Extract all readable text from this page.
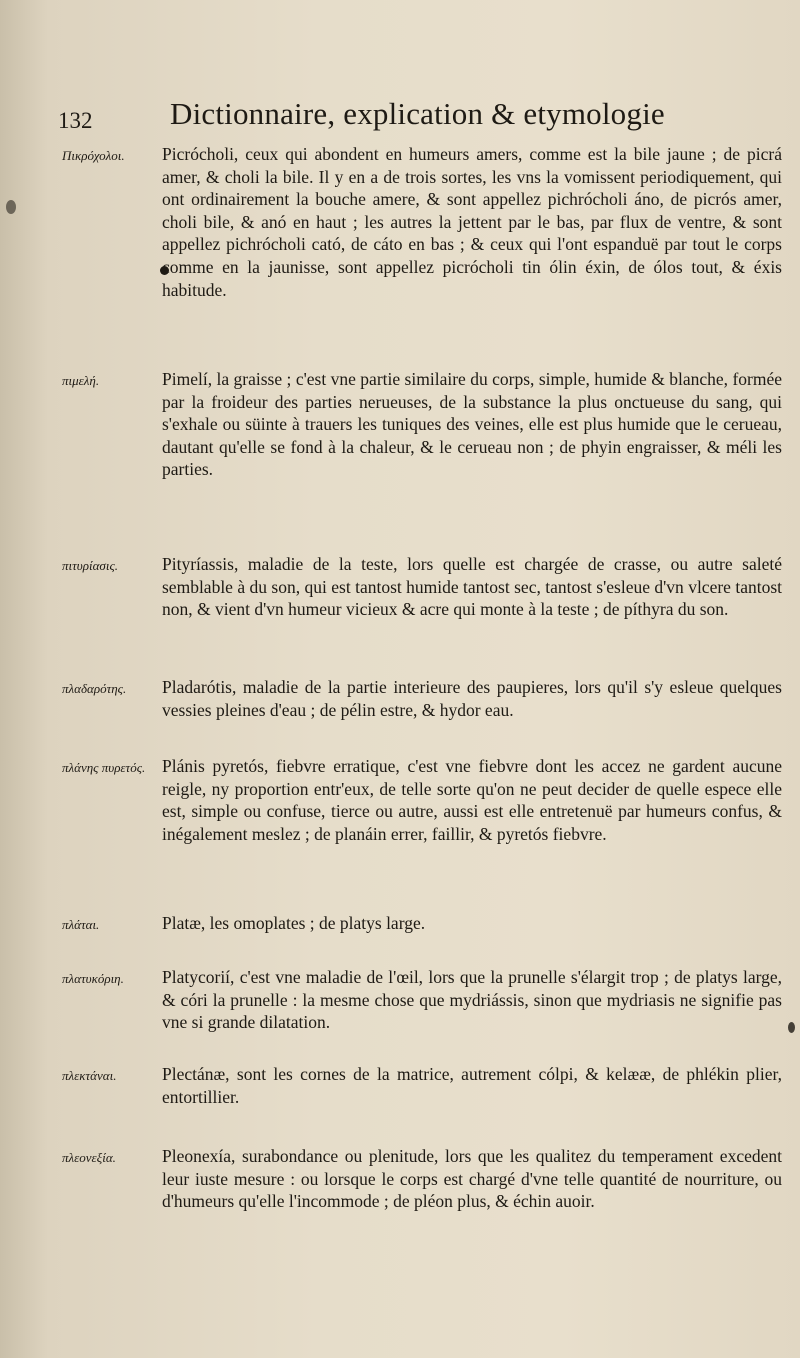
132	Dictionnaire, explication & etymologie
Πικρόχολοι.	Picrócholi, ceux qui abondent en humeurs amers, comme est la bile jaune ; de picrá amer, & choli la bile. Il y en a de trois sortes, les vns la vomissent periodiquement, qui ont ordinairement la bouche amere, & sont appellez pichrócholi áno, de picrós amer, choli bile, & anó en haut ; les autres la jettent par le bas, par flux de ventre, & sont appellez pichrócholi cató, de cáto en bas ; & ceux qui l'ont espanduë par tout le corps comme en la jaunisse, sont appellez picrócholi tin ólin éxin, de ólos tout, & éxis habitude.
πιμελή.	Pimelí, la graisse ; c'est vne partie similaire du corps, simple, humide & blanche, formée par la froideur des parties nerueuses, de la substance la plus onctueuse du sang, qui s'exhale ou süinte à trauers les tuniques des veines, elle est plus humide que le cerueau, dautant qu'elle se fond à la chaleur, & le cerueau non ; de phyin engraisser, & méli les parties.
πιτυρίασις.	Pityríassis, maladie de la teste, lors quelle est chargée de crasse, ou autre saleté semblable à du son, qui est tantost humide tantost sec, tantost s'esleue d'vn vlcere tantost non, & vient d'vn humeur vicieux & acre qui monte à la teste ; de píthyra du son.
πλαδαρότης.	Pladarótis, maladie de la partie interieure des paupieres, lors qu'il s'y esleue quelques vessies pleines d'eau ; de pélin estre, & hydor eau.
πλάνης πυρετός. Plánis pyretós, fiebvre erratique, c'est vne fiebvre dont les accez ne gardent aucune reigle, ny proportion entr'eux, de telle sorte qu'on ne peut decider de quelle espece elle est, simple ou confuse, tierce ou autre, aussi est elle entretenuë par humeurs confus, & inégalement meslez ; de planáin errer, faillir, & pyretós fiebvre.
πλάται.	Platæ, les omoplates ; de platys large.
πλατυκόριη.	Platycorií, c'est vne maladie de l'œil, lors que la prunelle s'élargit trop ; de platys large, & córi la prunelle : la mesme chose que mydriássis, sinon que mydriasis ne signifie pas vne si grande dilatation.
πλεκτάναι.	Plectánæ, sont les cornes de la matrice, autrement cólpi, & kelææ, de phlékin plier, entortillier.
πλεονεξία.	Pleonexía, surabondance ou plenitude, lors que les qualitez du temperament excedent leur iuste mesure : ou lorsque le corps est chargé d'vne telle quantité de nourriture, ou d'humeurs qu'elle l'incommode ; de pléon plus, & échin auoir.
